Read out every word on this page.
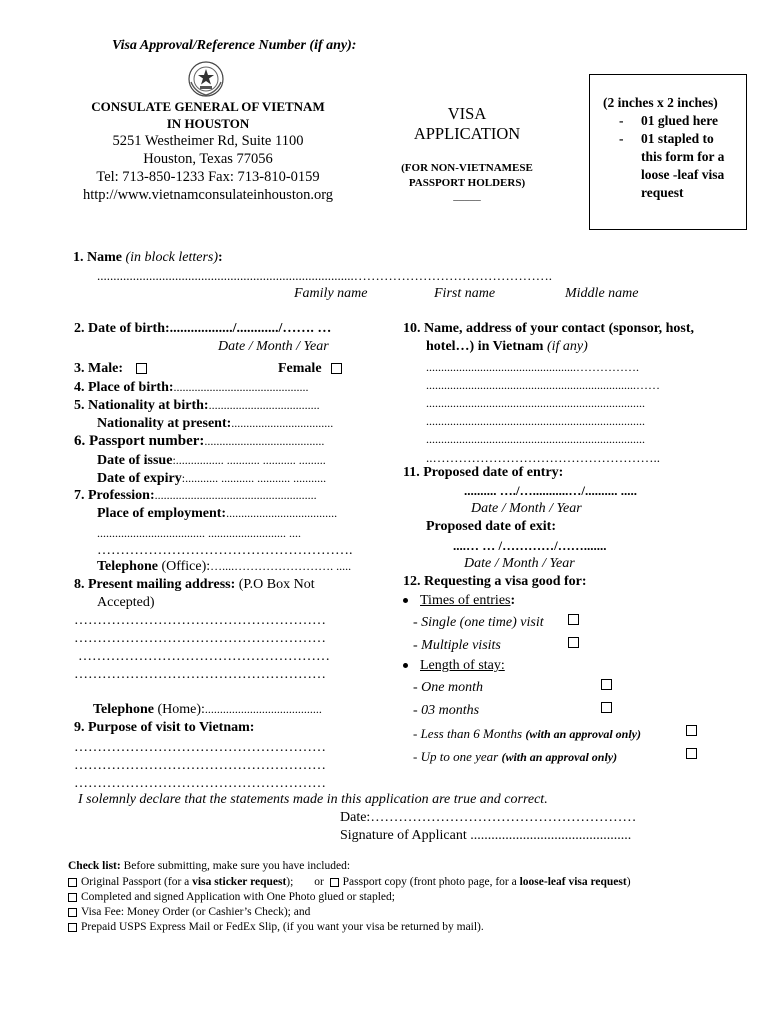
Visa Approval/Reference Number (if any):
CONSULATE GENERAL OF VIETNAM
IN HOUSTON
5251 Westheimer Rd, Suite 1100
Houston, Texas 77056
Tel: 713-850-1233 Fax: 713-810-0159
http://www.vietnamconsulateinhouston.org
VISA
APPLICATION
(FOR NON-VIETNAMESE
PASSPORT HOLDERS)
_____
(2 inches x 2 inches)
- 01 glued here
- 01 stapled to
this form for a
loose -leaf visa
request
1. Name (in block letters):
...............................................................................……………………………………….
Family name	First name	Middle name
2. Date of birth:................../............/……. …
Date / Month / Year
3. Male:	Female
4. Place of birth:.............................................
5. Nationality at birth:.....................................
Nationality at present:..................................
6. Passport number:........................................
Date of issue:................ ........... ........... .........
Date of expiry:........... ........... ........... ...........
7. Profession:......................................................
Place of employment:.....................................
.................................... .......................... ....
……………………………………………….
Telephone (Office):…....……………………. .....
8. Present mailing address: (P.O Box Not
Accepted)
………………………………………………
………………………………………………
………………………………………………
………………………………………………
Telephone (Home):.......................................
9. Purpose of visit to Vietnam:
………………………………………………
………………………………………………
………………………………………………
10. Name, address of your contact (sponsor, host,
hotel…) in Vietnam (if any)
..................................................…………….
......................................................................……
.........................................................................
.........................................................................
.........................................................................
..……………………………………………..
11. Proposed date of entry:
.......... …./…...........…/.......... .....
Date / Month / Year
Proposed date of exit:
....… … /…………/…….......
Date / Month / Year
12. Requesting a visa good for:
Times of entries:
- Single (one time) visit
- Multiple visits
Length of stay:
- One month
- 03 months
- Less than 6 Months (with an approval only)
- Up to one year (with an approval only)
I solemnly declare that the statements made in this application are true and correct.
Date:…………………………………………………
Signature of Applicant ..............................................
Check list: Before submitting, make sure you have included:
Original Passport (for a visa sticker request); or Passport copy (front photo page, for a loose-leaf visa request)
Completed and signed Application with One Photo glued or stapled;
Visa Fee: Money Order (or Cashier’s Check); and
Prepaid USPS Express Mail or FedEx Slip, (if you want your visa be returned by mail).
